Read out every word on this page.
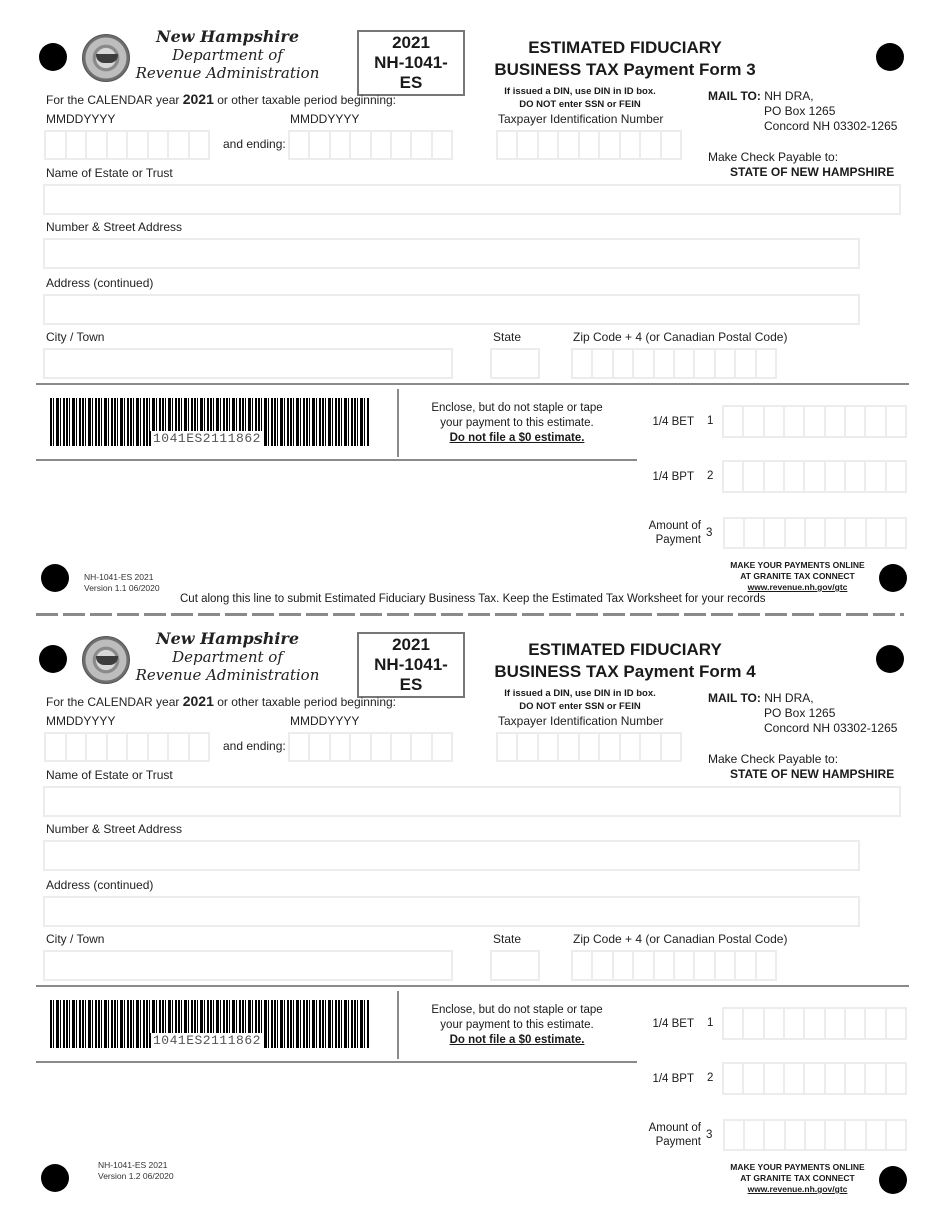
New Hampshire
Department of
Revenue Administration
2021
NH-1041-ES
ESTIMATED FIDUCIARY
BUSINESS TAX Payment Form 3
For the CALENDAR year 2021 or other taxable period beginning:
MMDDYYYY	MMDDYYYY
and ending:
If issued a DIN, use DIN in ID box.
DO NOT enter SSN or FEIN
Taxpayer Identification Number
MAIL TO: NH DRA,
PO Box 1265
Concord NH 03302-1265
Make Check Payable to:
STATE OF NEW HAMPSHIRE
Name of Estate or Trust
Number & Street Address
Address (continued)
City / Town	State	Zip Code + 4 (or Canadian Postal Code)
1041ES2111862
Enclose, but do not staple or tape
your payment to this estimate.
Do not file a $0 estimate.
1/4 BET 1
1/4 BPT 2
Amount of
Payment
3
NH-1041-ES 2021
Version 1.1 06/2020
MAKE YOUR PAYMENTS ONLINE
AT GRANITE TAX CONNECT
www.revenue.nh.gov/gtc
New Hampshire
Department of
Revenue Administration
2021
NH-1041-ES
ESTIMATED FIDUCIARY
BUSINESS TAX Payment Form 4
For the CALENDAR year 2021 or other taxable period beginning:
MMDDYYYY	MMDDYYYY
and ending:
If issued a DIN, use DIN in ID box.
DO NOT enter SSN or FEIN
Taxpayer Identification Number
MAIL TO: NH DRA,
PO Box 1265
Concord NH 03302-1265
Make Check Payable to:
STATE OF NEW HAMPSHIRE
Name of Estate or Trust
Number & Street Address
Address (continued)
City / Town	State	Zip Code + 4 (or Canadian Postal Code)
1041ES2111862
Enclose, but do not staple or tape
your payment to this estimate.
Do not file a $0 estimate.
1/4 BET 1
1/4 BPT 2
Amount of
Payment
3
NH-1041-ES 2021
Version 1.2 06/2020
MAKE YOUR PAYMENTS ONLINE
AT GRANITE TAX CONNECT
www.revenue.nh.gov/gtc
Cut along this line to submit Estimated Fiduciary Business Tax. Keep the Estimated Tax Worksheet for your records
